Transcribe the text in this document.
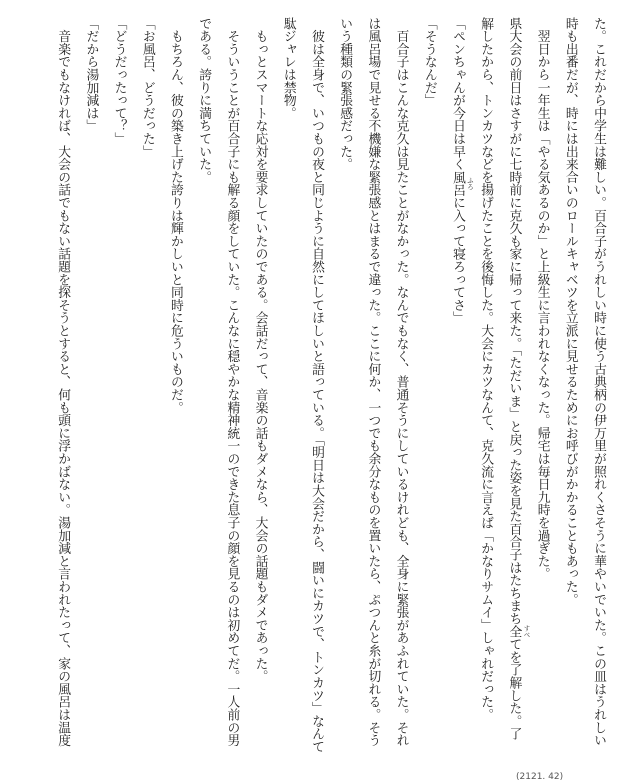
た。これだから中学生は難しい。百合子がうれしい時に使う古典柄の伊万里が照れくさそうに華やいでいた。この皿はうれしい
時も出番だが、時には出来合いのロールキャベツを立派に見せるためにお呼びがかかることもあった。
　翌日から一年生は「やる気あるのか」と上級生に言われなくなった。帰宅は毎日九時を過ぎた。
県大会の前日はさすがに七時前に克久も家に帰って来た。「ただいま」と戻った姿を見た百合子はたちまち全 すべ
てを了解した。了
解したから、トンカツなどを揚げたことを後悔した。大会にカツなんて、克久流に言えば「かなりサムイ」しゃれだった。
「ペンちゃんが今日は早く風呂 ふろ
に入って寝ろってさ」
「そうなんだ」
　百合子はこんな克久は見たことがなかった。なんでもなく、普通そうにしているけれども、全身に緊張があふれていた。それ
は風呂場で見せる不機嫌な緊張感とはまるで違った。ここに何か、一つでも余分なものを置いたら、ぷつんと糸が切れる。そう
いう種類の緊張感だった。
　彼は全身で、いつもの夜と同じように自然にしてほしいと語っている。「明日は大会だから、闘いにカツで、トンカツ」なんて
駄ジャレは禁物。
　もっとスマートな応対を要求していたのである。会話だって、音楽の話もダメなら、大会の話題もダメであった。
　そういうことが百合子にも解る顔をしていた。こんなに穏やかな精神統一のできた息子の顔を見るのは初めてだ。一人前の男
である。誇りに満ちていた。
　もちろん、彼の築き上げた誇りは輝かしいと同時に危ういものだ。
「お風呂、どうだった」
「どうだったって？」
「だから湯加減は」
　音楽でもなければ、大会の話でもない話題を探そうとすると、何も頭に浮かばない。湯加減と言われたって、家の風呂は温度
(2121. 42)
